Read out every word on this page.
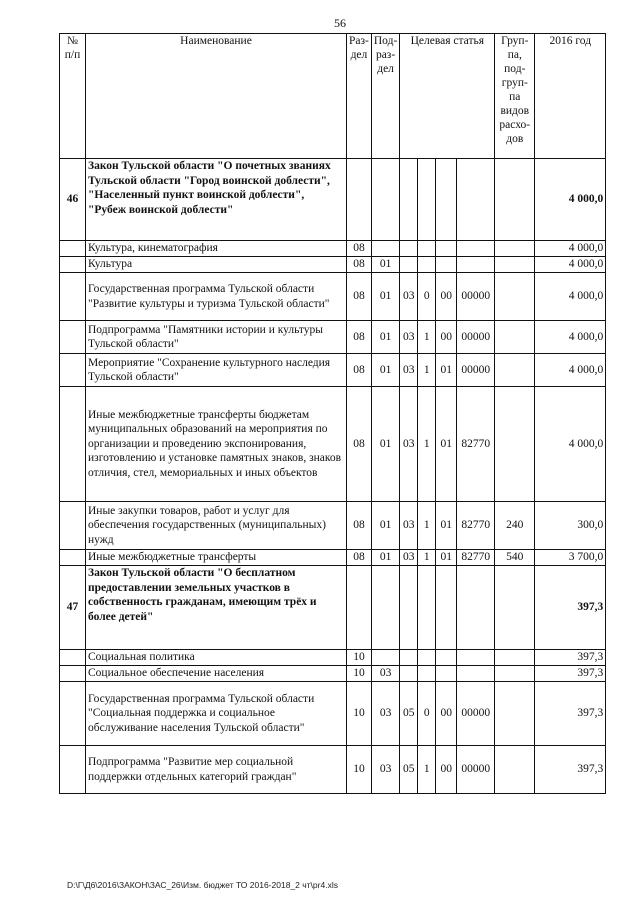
56
№ п/п	Наименование	Раз-дел	Под-раз-дел	Целевая статья				Груп-па, под-груп-па видов расхо-дов	2016 год
46	Закон Тульской области "О почетных званиях Тульской области "Город воинской доблести", "Населенный пункт воинской доблести", "Рубеж воинской доблести"								4 000,0
	Культура, кинематография	08							4 000,0
	Культура	08	01						4 000,0
	Государственная программа Тульской области "Развитие культуры и туризма Тульской области"	08	01	03	0	00	00000		4 000,0
	Подпрограмма "Памятники истории и культуры Тульской области"	08	01	03	1	00	00000		4 000,0
	Мероприятие "Сохранение культурного наследия Тульской области"	08	01	03	1	01	00000		4 000,0
	Иные межбюджетные трансферты бюджетам муниципальных образований на мероприятия по организации и проведению экспонирования, изготовлению и установке памятных знаков, знаков отличия, стел, мемориальных и иных объектов	08	01	03	1	01	82770		4 000,0
	Иные закупки товаров, работ и услуг для обеспечения государственных (муниципальных) нужд	08	01	03	1	01	82770	240	300,0
	Иные межбюджетные трансферты	08	01	03	1	01	82770	540	3 700,0
47	Закон Тульской области "О бесплатном предоставлении земельных участков в собственность гражданам, имеющим трёх и более детей"								397,3
	Социальная политика	10							397,3
	Социальное обеспечение населения	10	03						397,3
	Государственная программа Тульской области "Социальная поддержка и социальное обслуживание населения Тульской области"	10	03	05	0	00	00000		397,3
	Подпрограмма "Развитие мер социальной поддержки отдельных категорий граждан"	10	03	05	1	00	00000		397,3
D:\Г\Д6\2016\ЗАКОН\ЗАС_26\Изм. бюджет ТО 2016-2018_2 чт\pr4.xls
